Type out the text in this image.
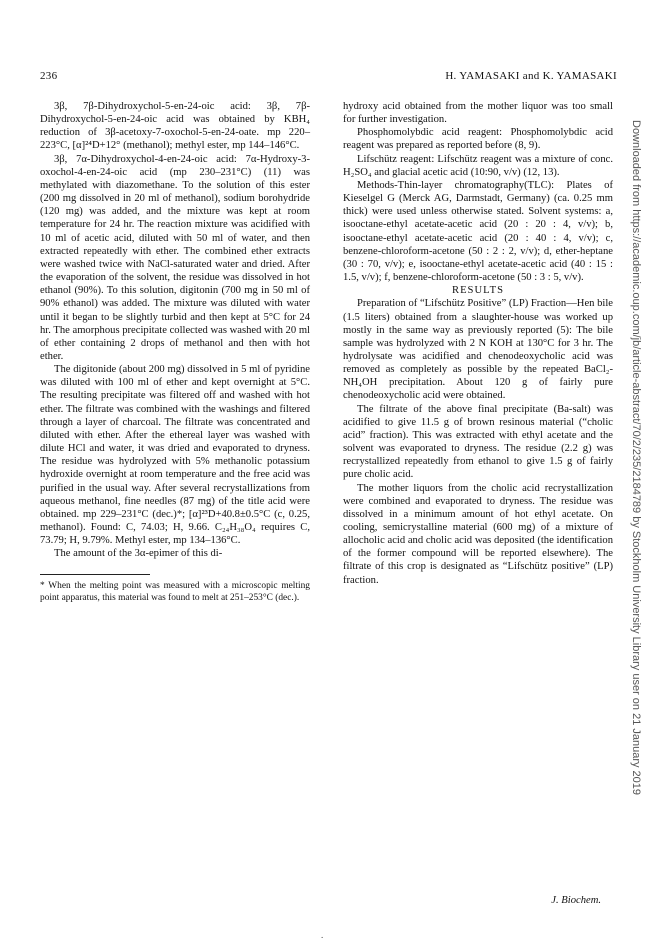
236	H. YAMASAKI and K. YAMASAKI

3β, 7β-Dihydroxychol-5-en-24-oic acid: 3β, 7β-Dihydroxychol-5-en-24-oic acid was obtained by KBH₄ reduction of 3β-acetoxy-7-oxochol-5-en-24-oate. mp 220–223°C, [α]²⁴D+12° (methanol); methyl ester, mp 144–146°C.

3β, 7α-Dihydroxychol-4-en-24-oic acid: 7α-Hydroxy-3-oxochol-4-en-24-oic acid (mp 230–231°C) (11) was methylated with diazomethane. To the solution of this ester (200 mg dissolved in 20 ml of methanol), sodium borohydride (120 mg) was added, and the mixture was kept at room temperature for 24 hr. The reaction mixture was acidified with 10 ml of acetic acid, diluted with 50 ml of water, and then extracted repeatedly with ether. The combined ether extracts were washed twice with NaCl-saturated water and dried. After the evaporation of the solvent, the residue was dissolved in hot ethanol (90%). To this solution, digitonin (700 mg in 50 ml of 90% ethanol) was added. The mixture was diluted with water until it began to be slightly turbid and then kept at 5°C for 24 hr. The amorphous precipitate collected was washed with 20 ml of ether containing 2 drops of methanol and then with hot ether.

The digitonide (about 200 mg) dissolved in 5 ml of pyridine was diluted with 100 ml of ether and kept overnight at 5°C. The resulting precipitate was filtered off and washed with hot ether. The filtrate was combined with the washings and filtered through a layer of charcoal. The filtrate was concentrated and diluted with ether. After the ethereal layer was washed with dilute HCl and water, it was dried and evaporated to dryness. The residue was hydrolyzed with 5% methanolic potassium hydroxide overnight at room temperature and the free acid was purified in the usual way. After several recrystallizations from aqueous methanol, fine needles (87 mg) of the title acid were obtained. mp 229–231°C (dec.)*; [α]²³D+40.8±0.5°C (c, 0.25, methanol). Found: C, 74.03; H, 9.66. C₂₄H₃₈O₄ requires C, 73.79; H, 9.79%. Methyl ester, mp 134–136°C.

The amount of the 3α-epimer of this di-

* When the melting point was measured with a microscopic melting point apparatus, this material was found to melt at 251–253°C (dec.).

hydroxy acid obtained from the mother liquor was too small for further investigation.

Phosphomolybdic acid reagent: Phosphomolybdic acid reagent was prepared as reported before (8, 9).

Lifschütz reagent: Lifschütz reagent was a mixture of conc. H₂SO₄ and glacial acetic acid (10:90, v/v) (12, 13).

Methods-Thin-layer chromatography(TLC): Plates of Kieselgel G (Merck AG, Darmstadt, Germany) (ca. 0.25 mm thick) were used unless otherwise stated. Solvent systems: a, isooctane-ethyl acetate-acetic acid (20 : 20 : 4, v/v); b, isooctane-ethyl acetate-acetic acid (20 : 40 : 4, v/v); c, benzene-chloroform-acetone (50 : 2 : 2, v/v); d, ether-heptane (30 : 70, v/v); e, isooctane-ethyl acetate-acetic acid (40 : 15 : 1.5, v/v); f, benzene-chloroform-acetone (50 : 3 : 5, v/v).

RESULTS

Preparation of “Lifschütz Positive” (LP) Fraction—Hen bile (1.5 liters) obtained from a slaughter-house was worked up mostly in the same way as previously reported (5): The bile sample was hydrolyzed with 2 N KOH at 130°C for 3 hr. The hydrolysate was acidified and chenodeoxycholic acid was removed as completely as possible by the repeated BaCl₂-NH₄OH precipitation. About 120 g of fairly pure chenodeoxycholic acid were obtained.

The filtrate of the above final precipitate (Ba-salt) was acidified to give 11.5 g of brown resinous material (“cholic acid” fraction). This was extracted with ethyl acetate and the solvent was evaporated to dryness. The residue (2.2 g) was recrystallized repeatedly from ethanol to give 1.5 g of fairly pure cholic acid.

The mother liquors from the cholic acid recrystallization were combined and evaporated to dryness. The residue was dissolved in a minimum amount of hot ethyl acetate. On cooling, semicrystalline material (600 mg) of a mixture of allocholic acid and cholic acid was deposited (the identification of the former compound will be reported elsewhere). The filtrate of this crop is designated as “Lifschütz positive” (LP) fraction.	Downloaded from https://academic.oup.com/jb/article-abstract/70/2/235/2184789 by Stockholm University Library user on 21 January 2019
J. Biochem.
.
